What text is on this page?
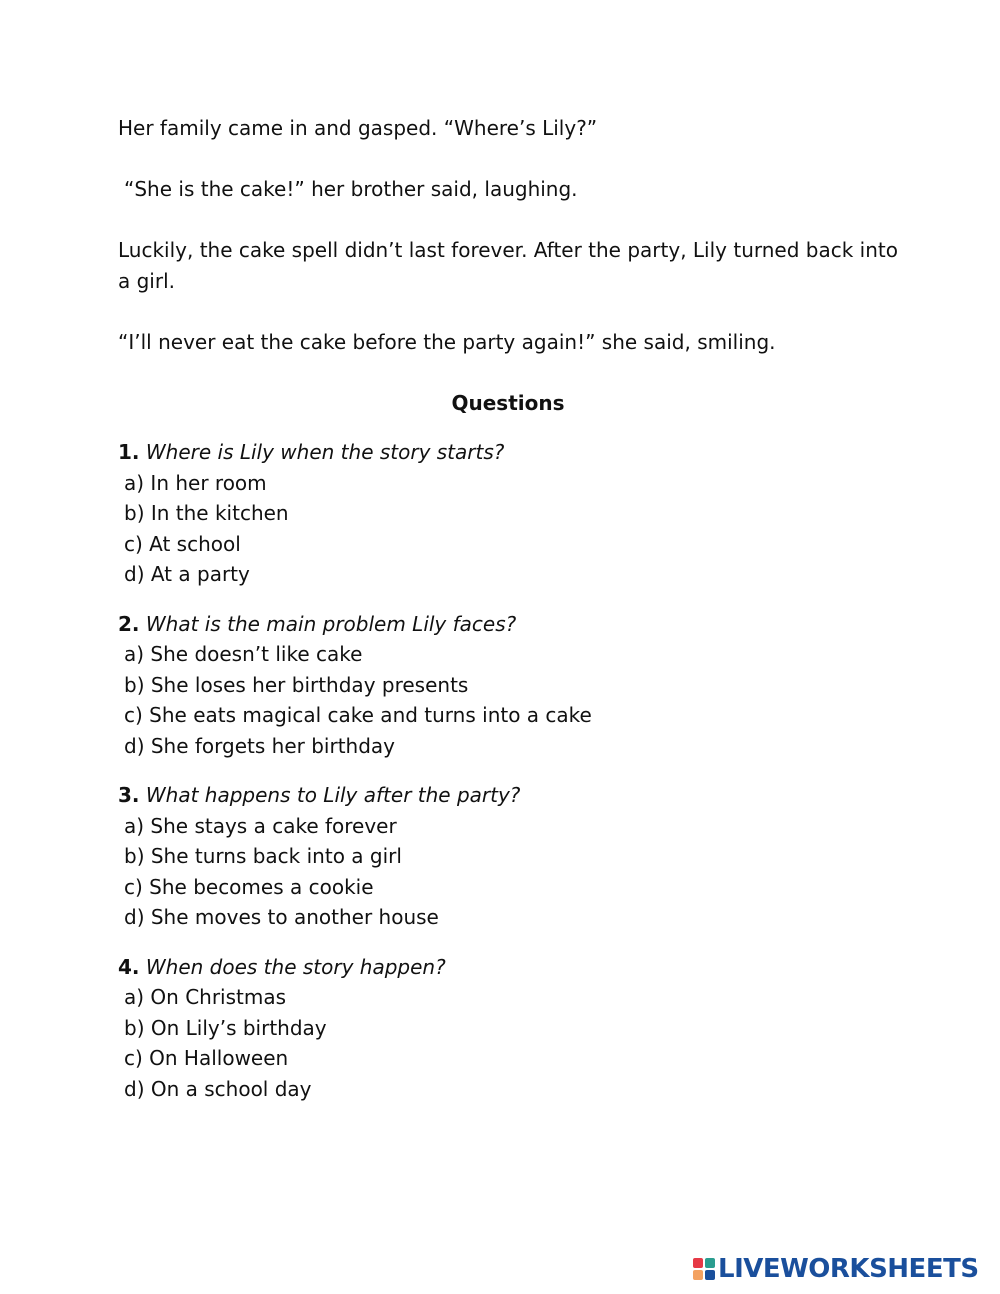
Her family came in and gasped. “Where’s Lily?”

“She is the cake!” her brother said, laughing.

Luckily, the cake spell didn’t last forever. After the party, Lily turned back into a girl.

“I’ll never eat the cake before the party again!” she said, smiling.

Questions
1. Where is Lily when the story starts?
a) In her room
b) In the kitchen
c) At school
d) At a party
2. What is the main problem Lily faces?
a) She doesn’t like cake
b) She loses her birthday presents
c) She eats magical cake and turns into a cake
d) She forgets her birthday
3. What happens to Lily after the party?
a) She stays a cake forever
b) She turns back into a girl
c) She becomes a cookie
d) She moves to another house
4. When does the story happen?
a) On Christmas
b) On Lily’s birthday
c) On Halloween
d) On a school day
LIVEWORKSHEETS
